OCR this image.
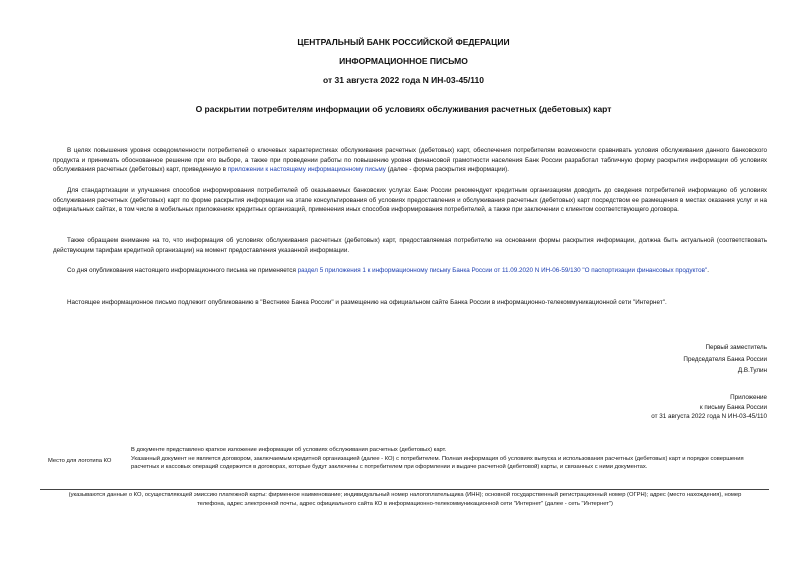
ЦЕНТРАЛЬНЫЙ БАНК РОССИЙСКОЙ ФЕДЕРАЦИИ
ИНФОРМАЦИОННОЕ ПИСЬМО
от 31 августа 2022 года N ИН-03-45/110
О раскрытии потребителям информации об условиях обслуживания расчетных (дебетовых) карт
В целях повышения уровня осведомленности потребителей о ключевых характеристиках обслуживания расчетных (дебетовых) карт, обеспечения потребителям возможности сравнивать условия обслуживания данного банковского продукта и принимать обоснованное решение при его выборе, а также при проведении работы по повышению уровня финансовой грамотности населения Банк России разработал табличную форму раскрытия информации об условиях обслуживания расчетных (дебетовых) карт, приведенную в приложении к настоящему информационному письму (далее - форма раскрытия информации).
Для стандартизации и улучшения способов информирования потребителей об оказываемых банковских услугах Банк России рекомендует кредитным организациям доводить до сведения потребителей информацию об условиях обслуживания расчетных (дебетовых) карт по форме раскрытия информации на этапе консультирования об условиях предоставления и обслуживания расчетных (дебетовых) карт посредством ее размещения в местах оказания услуг и на официальных сайтах, в том числе в мобильных приложениях кредитных организаций, применения иных способов информирования потребителей, а также при заключении с клиентом соответствующего договора.
Также обращаем внимание на то, что информация об условиях обслуживания расчетных (дебетовых) карт, предоставляемая потребителю на основании формы раскрытия информации, должна быть актуальной (соответствовать действующим тарифам кредитной организации) на момент предоставления указанной информации.
Со дня опубликования настоящего информационного письма не применяется раздел 5 приложения 1 к информационному письму Банка России от 11.09.2020 N ИН-06-59/130 "О паспортизации финансовых продуктов".
Настоящее информационное письмо подлежит опубликованию в "Вестнике Банка России" и размещению на официальном сайте Банка России в информационно-телекоммуникационной сети "Интернет".
Первый заместитель
Председателя Банка России
Д.В.Тулин
Приложение
к письму Банка России
от 31 августа 2022 года N ИН-03-45/110
Место для логотипа КО
В документе представлено краткое изложение информации об условиях обслуживания расчетных (дебетовых) карт.
Указанный документ не является договором, заключаемым кредитной организацией (далее - КО) с потребителем. Полная информация об условиях выпуска и использования расчетных (дебетовых) карт и порядке совершения расчетных и кассовых операций содержится в договорах, которые будут заключены с потребителем при оформлении и выдаче расчетной (дебетовой) карты, и связанных с ними документах.
(указываются данные о КО, осуществляющей эмиссию платежной карты: фирменное наименование; индивидуальный номер налогоплательщика (ИНН); основной государственный регистрационный номер (ОГРН); адрес (место нахождения), номер телефона, адрес электронной почты, адрес официального сайта КО в информационно-телекоммуникационной сети "Интернет" (далее - сеть "Интернет")
